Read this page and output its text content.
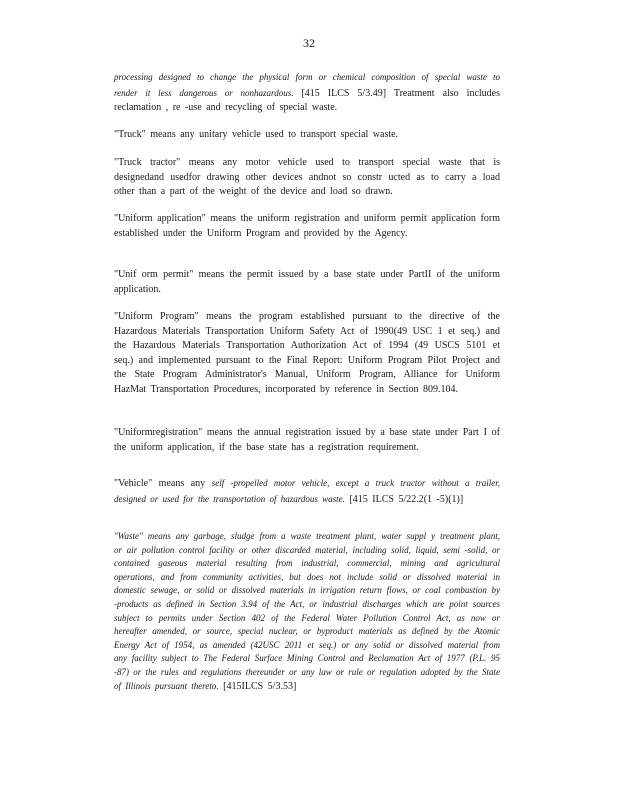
32

processing designed to change the physical form or chemical composition of special waste to render it less dangerous or nonhazardous. [415 ILCS 5/3.49] Treatment also includes reclamation , re -use and recycling of special waste.

"Truck" means any unitary vehicle used to transport special waste.

"Truck tractor" means any motor vehicle used to transport special waste that is designedand usedfor drawing other devices andnot so constr ucted as to carry a load other than a part of the weight of the device and load so drawn.

"Uniform application" means the uniform registration and uniform permit application form established under the Uniform Program and provided by the Agency.

"Unif orm permit" means the permit issued by a base state under PartII of the uniform application.

"Uniform Program" means the program established pursuant to the directive of the Hazardous Materials Transportation Uniform Safety Act of 1990(49 USC 1 et seq.) and the Hazardous Materials Transportation Authorization Act of 1994 (49 USCS 5101 et seq.) and implemented pursuant to the Final Report: Uniform Program Pilot Project and the State Program Administrator's Manual, Uniform Program, Alliance for Uniform HazMat Transportation Procedures, incorporated by reference in Section 809.104.

"Uniformregistration" means the annual registration issued by a base state under Part I of the uniform application, if the base state has a registration requirement.

"Vehicle" means any self -propelled motor vehicle, except a truck tractor without a trailer, designed or used for the transportation of hazardous waste. [415 ILCS 5/22.2(1 -5)(1)]

"Waste" means any garbage, sludge from a waste treatment plant, water suppl y treatment plant, or air pollution control facility or other discarded material, including solid, liquid, semi -solid, or contained gaseous material resulting from industrial, commercial, mining and agricultural operations, and from community activities, but does not include solid or dissolved material in domestic sewage, or solid or dissolved materials in irrigation return flows, or coal combustion by -products as defined in Section 3.94 of the Act, or industrial discharges which are point sources subject to permits under Section 402 of the Federal Water Pollution Control Act, as now or hereafter amended, or source, special nuclear, or byproduct materials as defined by the Atomic Energy Act of 1954, as amended (42USC 2011 et seq.) or any solid or dissolved material from any facility subject to The Federal Surface Mining Control and Reclamation Act of 1977 (P.L. 95 -87) or the rules and regulations thereunder or any law or rule or regulation adopted by the State of Illinois pursuant thereto. [415ILCS 5/3.53]
